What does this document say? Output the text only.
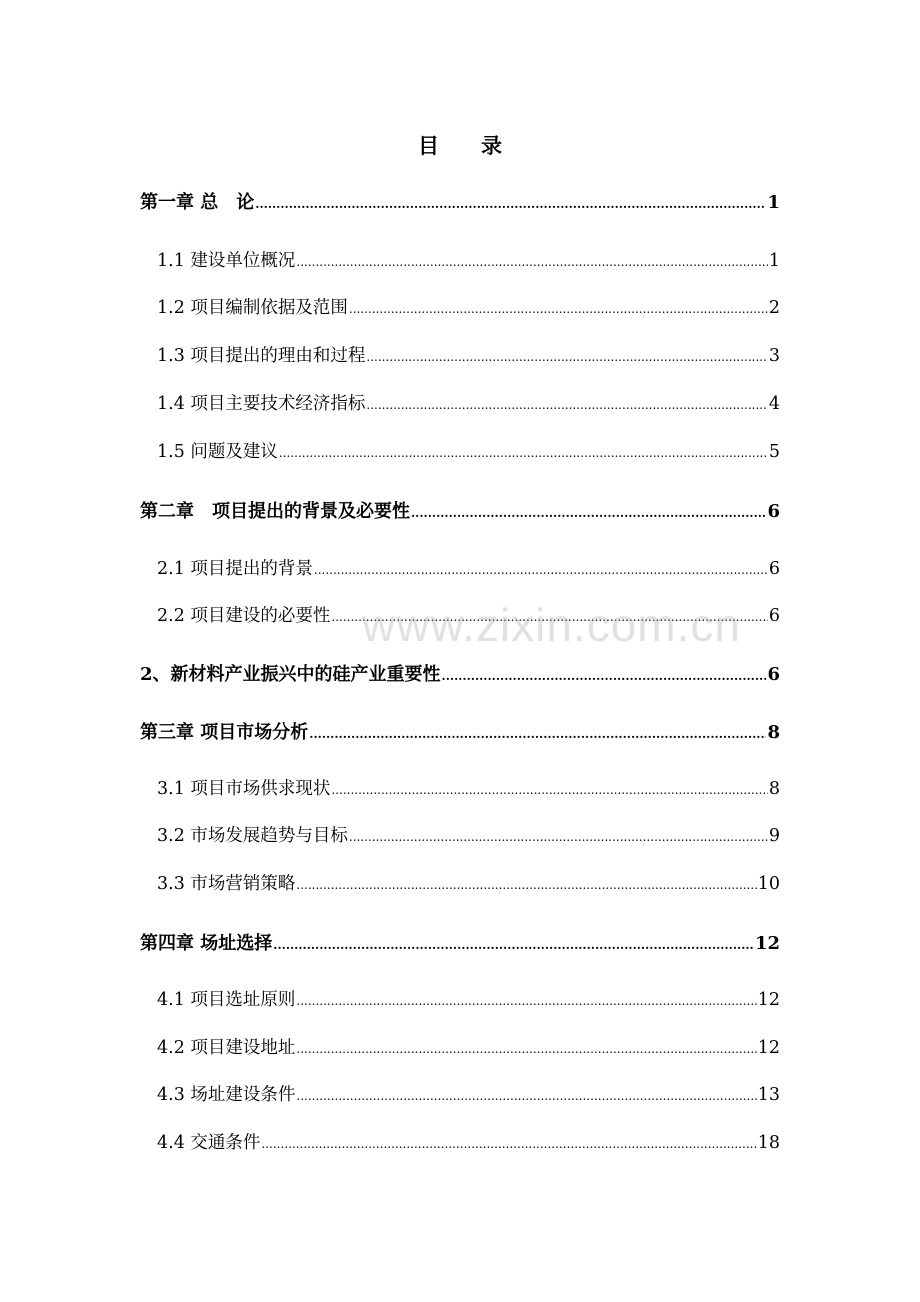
目 录
第一章 总　论 .....	1
1.1 建设单位概况 .....	1
1.2 项目编制依据及范围 .....	2
1.3 项目提出的理由和过程 .....	3
1.4 项目主要技术经济指标 .....	4
1.5 问题及建议 .....	5
第二章　项目提出的背景及必要性 .....	6
2.1 项目提出的背景 .....	6
2.2 项目建设的必要性 .....	6
2、新材料产业振兴中的硅产业重要性 .....	6
第三章 项目市场分析 .....	8
3.1 项目市场供求现状 .....	8
3.2 市场发展趋势与目标 .....	9
3.3 市场营销策略 .....	10
第四章 场址选择 .....	12
4.1 项目选址原则 .....	12
4.2 项目建设地址 .....	12
4.3 场址建设条件 .....	13
4.4 交通条件 .....	18
www.zixin.com.cn
